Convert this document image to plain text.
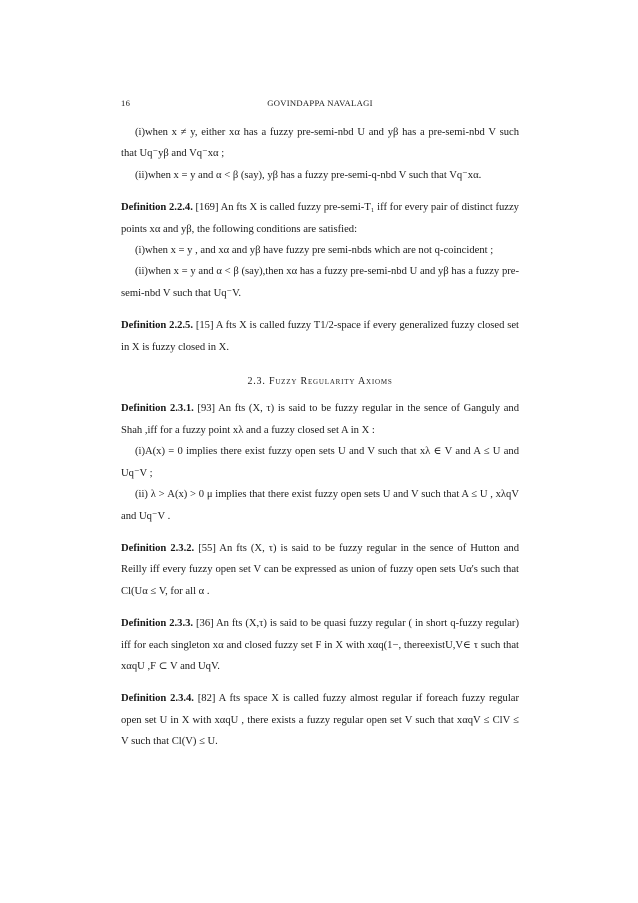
16	GOVINDAPPA NAVALAGI

(i)when x ≠ y, either xα has a fuzzy pre-semi-nbd U and yβ has a pre-semi-nbd V such that Uq⁻yβ and Vq⁻xα ;

(ii)when x = y and α < β (say), yβ has a fuzzy pre-semi-q-nbd V such that Vq⁻xα.

Definition 2.2.4. [169] An fts X is called fuzzy pre-semi-T₁ iff for every pair of distinct fuzzy points xα and yβ, the following conditions are satisfied:

(i)when x = y , and xα and yβ have fuzzy pre semi-nbds which are not q-coincident ;

(ii)when x = y and α < β (say),then xα has a fuzzy pre-semi-nbd U and yβ has a fuzzy pre-semi-nbd V such that Uq⁻V.

Definition 2.2.5. [15] A fts X is called fuzzy T1/2-space if every generalized fuzzy closed set in X is fuzzy closed in X.

2.3. Fuzzy Regularity Axioms

Definition 2.3.1. [93] An fts (X, τ) is said to be fuzzy regular in the sence of Ganguly and Shah ,iff for a fuzzy point xλ and a fuzzy closed set A in X :

(i)A(x) = 0 implies there exist fuzzy open sets U and V such that xλ ∈ V and A ≤ U and Uq⁻V ;

(ii) λ > A(x) > 0 μ implies that there exist fuzzy open sets U and V such that A ≤ U , xλqV and Uq⁻V .

Definition 2.3.2. [55] An fts (X, τ) is said to be fuzzy regular in the sence of Hutton and Reilly iff every fuzzy open set V can be expressed as union of fuzzy open sets Uα's such that Cl(Uα ≤ V, for all α .

Definition 2.3.3. [36] An fts (X,τ) is said to be quasi fuzzy regular ( in short q-fuzzy regular) iff for each singleton xα and closed fuzzy set F in X with xαq(1−, thereexistU,V∈ τ such that xαqU ,F ⊂ V and UqV.

Definition 2.3.4. [82] A fts space X is called fuzzy almost regular if foreach fuzzy regular open set U in X with xαqU , there exists a fuzzy regular open set V such that xαqV ≤ ClV ≤ V such that Cl(V) ≤ U.
